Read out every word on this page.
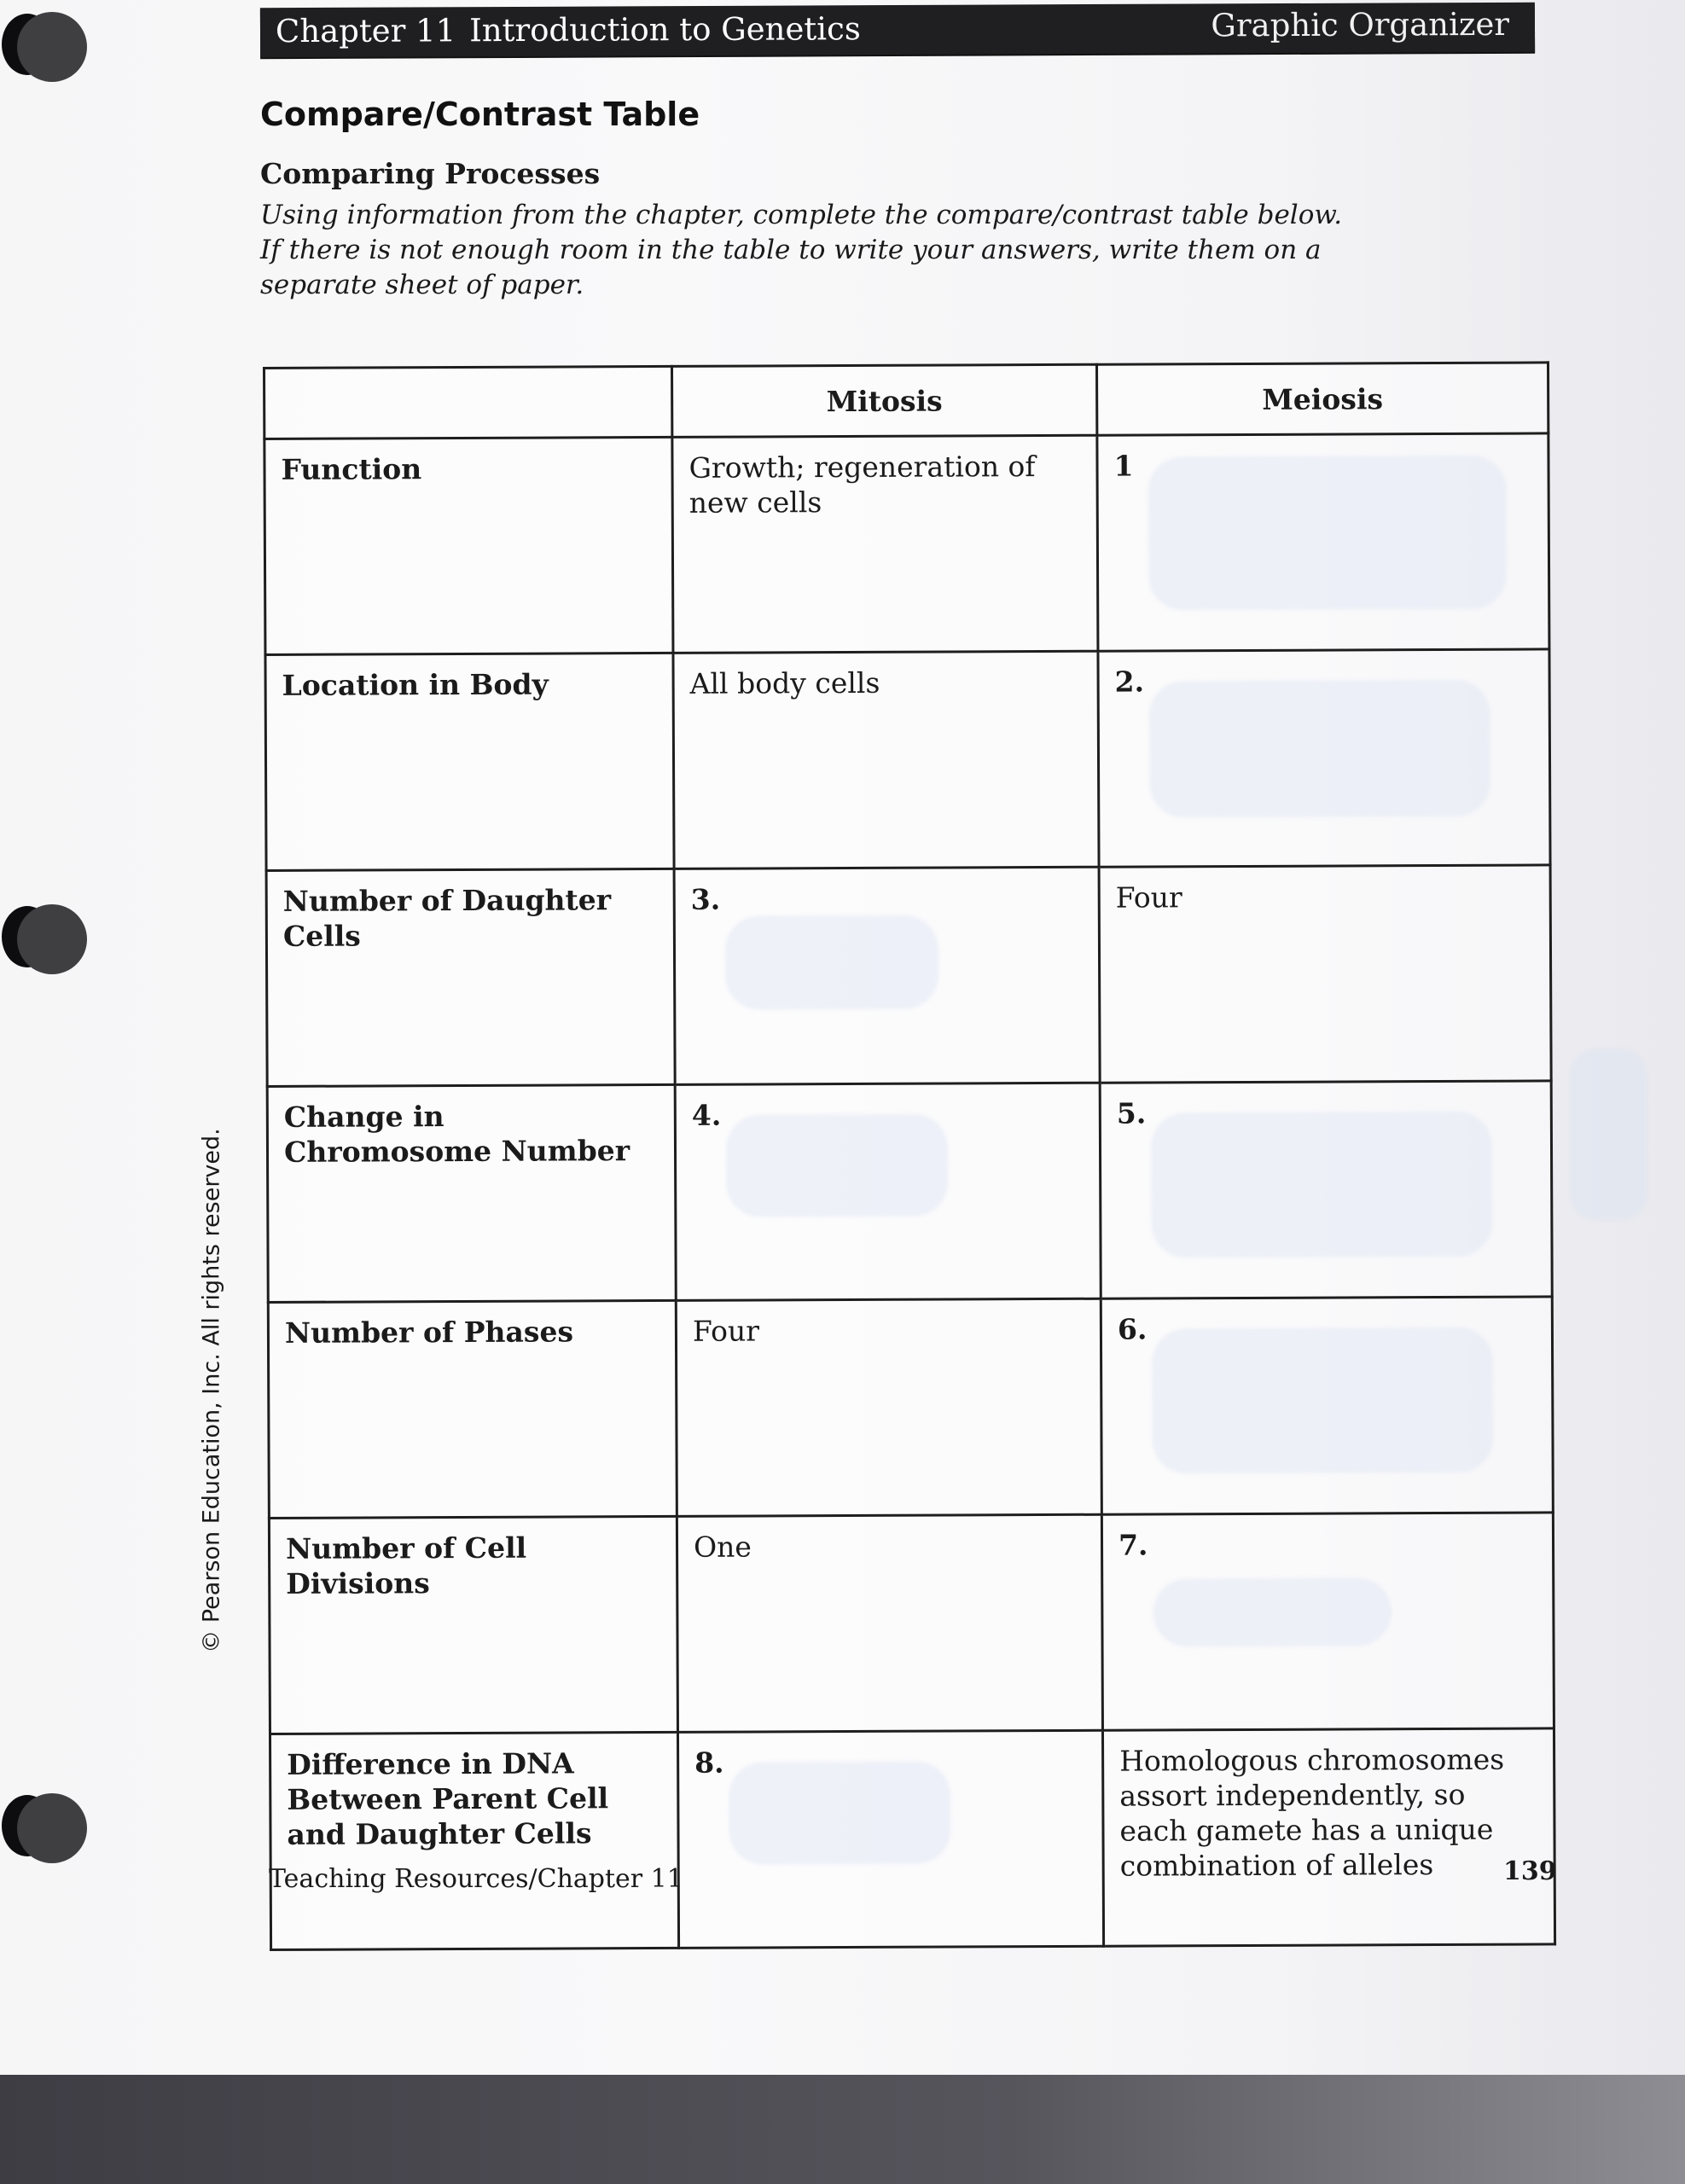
Chapter 11 Introduction to Genetics	Graphic Organizer
Compare/Contrast Table
Comparing Processes
Using information from the chapter, complete the compare/contrast table below.
If there is not enough room in the table to write your answers, write them on a
separate sheet of paper.
© Pearson Education, Inc. All rights reserved.
	Mitosis	Meiosis
Function	Growth; regeneration of new cells	1

Location in Body	All body cells	2.

Number of Daughter Cells	3.	Four
Change in Chromosome Number	4.	5.

Number of Phases	Four	6.

Number of Cell Divisions	One	7.

Difference in DNA Between Parent Cell and Daughter Cells	8.	Homologous chromosomes assort independently, so each gamete has a unique combination of alleles
Teaching Resources/Chapter 11	139
